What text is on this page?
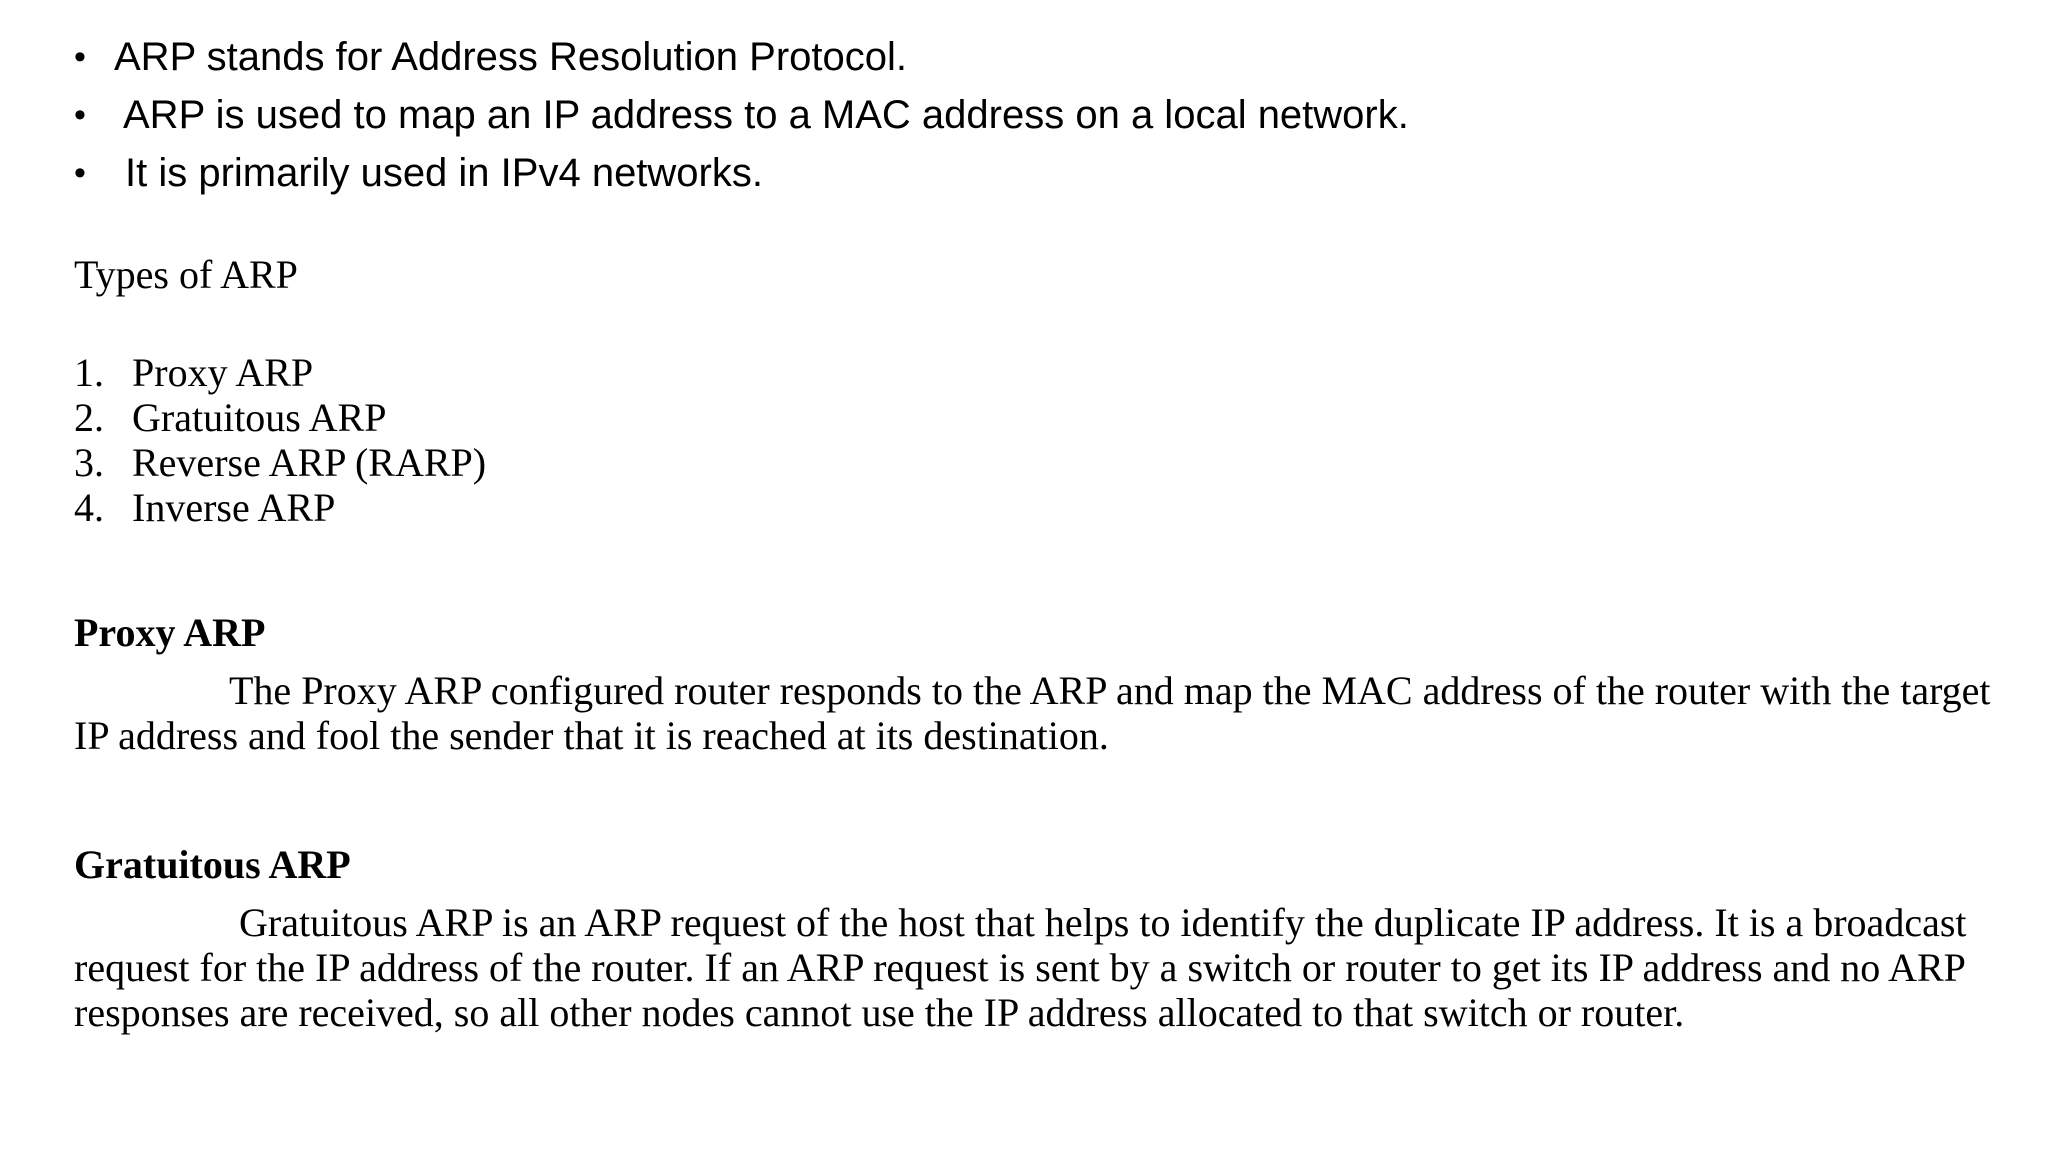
• ARP stands for Address Resolution Protocol.
• ARP is used to map an IP address to a MAC address on a local network.
• It is primarily used in IPv4 networks.
Types of ARP
1. Proxy ARP
2. Gratuitous ARP
3. Reverse ARP (RARP)
4. Inverse ARP
Proxy ARP

The Proxy ARP configured router responds to the ARP and map the MAC address of the router with the target IP address and fool the sender that it is reached at its destination.

Gratuitous ARP

Gratuitous ARP is an ARP request of the host that helps to identify the duplicate IP address. It is a broadcast request for the IP address of the router. If an ARP request is sent by a switch or router to get its IP address and no ARP responses are received, so all other nodes cannot use the IP address allocated to that switch or router.
